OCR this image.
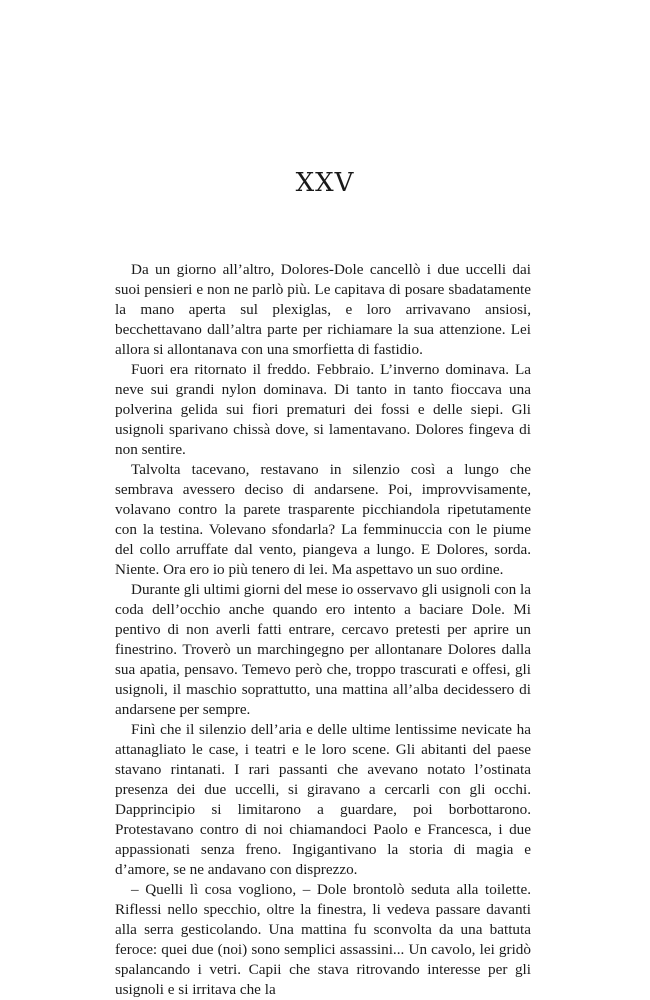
XXV

Da un giorno all’altro, Dolores-Dole cancellò i due uccelli dai suoi pensieri e non ne parlò più. Le capitava di posare sbadatamente la mano aperta sul plexiglas, e loro arrivavano ansiosi, becchettavano dall’altra parte per richiamare la sua attenzione. Lei allora si allontanava con una smorfietta di fastidio.

Fuori era ritornato il freddo. Febbraio. L’inverno dominava. La neve sui grandi nylon dominava. Di tanto in tanto fioccava una polverina gelida sui fiori prematuri dei fossi e delle siepi. Gli usignoli sparivano chissà dove, si lamentavano. Dolores fingeva di non sentire.

Talvolta tacevano, restavano in silenzio così a lungo che sembrava avessero deciso di andarsene. Poi, improvvisamente, volavano contro la parete trasparente picchiandola ripetutamente con la testina. Volevano sfondarla? La femminuccia con le piume del collo arruffate dal vento, piangeva a lungo. E Dolores, sorda. Niente. Ora ero io più tenero di lei. Ma aspettavo un suo ordine.

Durante gli ultimi giorni del mese io osservavo gli usignoli con la coda dell’occhio anche quando ero intento a baciare Dole. Mi pentivo di non averli fatti entrare, cercavo pretesti per aprire un finestrino. Troverò un marchingegno per allontanare Dolores dalla sua apatia, pensavo. Temevo però che, troppo trascurati e offesi, gli usignoli, il maschio soprattutto, una mattina all’alba decidessero di andarsene per sempre.

Finì che il silenzio dell’aria e delle ultime lentissime nevicate ha attanagliato le case, i teatri e le loro scene. Gli abitanti del paese stavano rintanati. I rari passanti che avevano notato l’ostinata presenza dei due uccelli, si giravano a cercarli con gli occhi. Dapprincipio si limitarono a guardare, poi borbottarono. Protestavano contro di noi chiamandoci Paolo e Francesca, i due appassionati senza freno. Ingigantivano la storia di magia e d’amore, se ne andavano con disprezzo.

– Quelli lì cosa vogliono, – Dole brontolò seduta alla toilette. Riflessi nello specchio, oltre la finestra, li vedeva passare davanti alla serra gesticolando. Una mattina fu sconvolta da una battuta feroce: quei due (noi) sono semplici assassini... Un cavolo, lei gridò spalancando i vetri. Capii che stava ritrovando interesse per gli usignoli e si irritava che la
